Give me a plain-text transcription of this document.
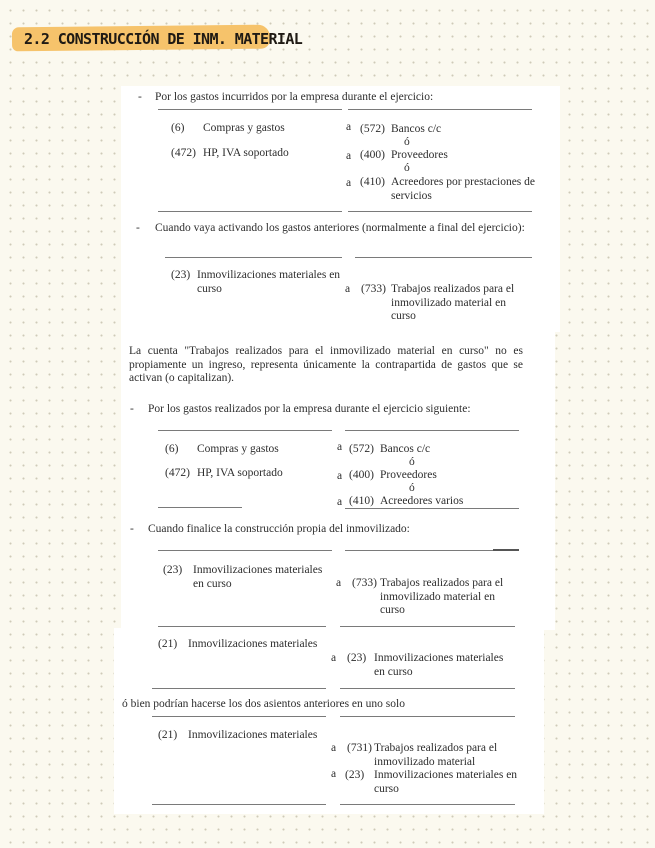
2.2 CONSTRUCCIÓN DE INM. MATERIAL
- Por los gastos incurridos por la empresa durante el ejercicio:
(6) Compras y gastos
(472) HP, IVA soportado
a (572) Bancos c/c
ó
a (400) Proveedores
ó
a (410) Acreedores por prestaciones de servicios
- Cuando vaya activando los gastos anteriores (normalmente a final del ejercicio):
(23) Inmovilizaciones materiales en curso	a (733) Trabajos realizados para el inmovilizado material en curso
La cuenta "Trabajos realizados para el inmovilizado material en curso" no es propiamente un ingreso, representa únicamente la contrapartida de gastos que se activan (o capitalizan).
- Por los gastos realizados por la empresa durante el ejercicio siguiente:
(6) Compras y gastos
(472) HP, IVA soportado
a (572) Bancos c/c
ó
a (400) Proveedores
ó
a (410) Acreedores varios
- Cuando finalice la construcción propia del inmovilizado:
(23) Inmovilizaciones materiales en curso	a (733) Trabajos realizados para el inmovilizado material en curso
(21) Inmovilizaciones materiales
a (23) Inmovilizaciones materiales en curso
ó bien podrían hacerse los dos asientos anteriores en uno solo
(21) Inmovilizaciones materiales
a (731) Trabajos realizados para el inmovilizado material
a (23) Inmovilizaciones materiales en curso
